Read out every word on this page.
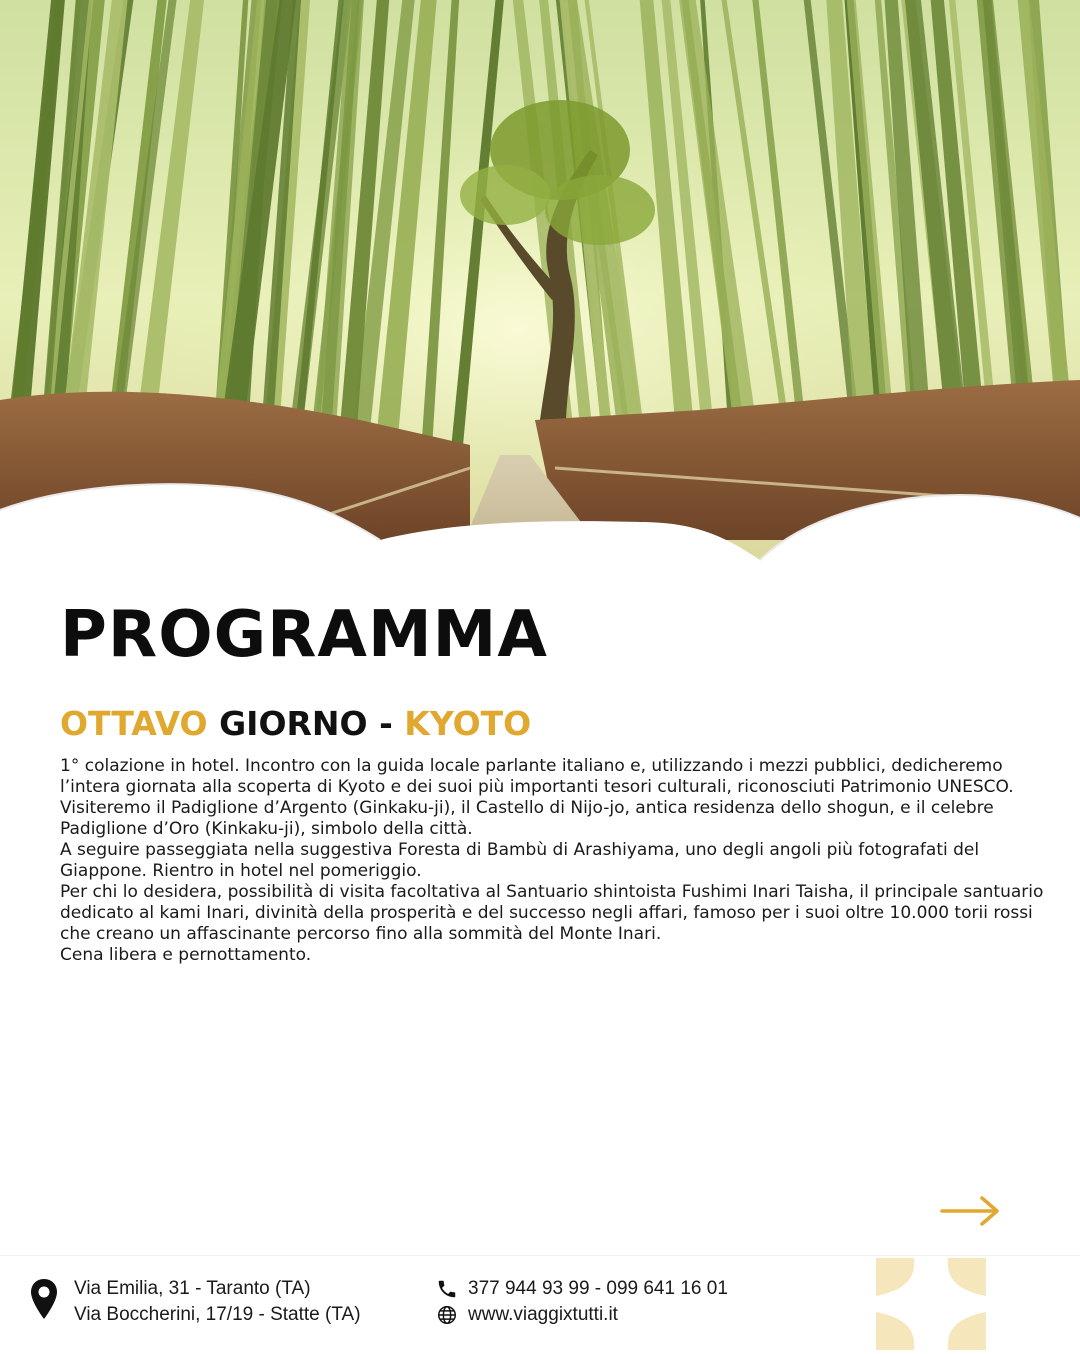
PROGRAMMA
OTTAVO GIORNO - KYOTO

1° colazione in hotel. Incontro con la guida locale parlante italiano e, utilizzando i mezzi pubblici, dedicheremo l’intera giornata alla scoperta di Kyoto e dei suoi più importanti tesori culturali, riconosciuti Patrimonio UNESCO.

Visiteremo il Padiglione d’Argento (Ginkaku-ji), il Castello di Nijo-jo, antica residenza dello shogun, e il celebre Padiglione d’Oro (Kinkaku-ji), simbolo della città.

A seguire passeggiata nella suggestiva Foresta di Bambù di Arashiyama, uno degli angoli più fotografati del Giappone. Rientro in hotel nel pomeriggio.

Per chi lo desidera, possibilità di visita facoltativa al Santuario shintoista Fushimi Inari Taisha, il principale santuario dedicato al kami Inari, divinità della prosperità e del successo negli affari, famoso per i suoi oltre 10.000 torii rossi che creano un affascinante percorso fino alla sommità del Monte Inari.

Cena libera e pernottamento.

Via Emilia, 31 - Taranto (TA)
Via Boccherini, 17/19 - Statte (TA)
377 944 93 99 - 099 641 16 01
www.viaggixtutti.it
